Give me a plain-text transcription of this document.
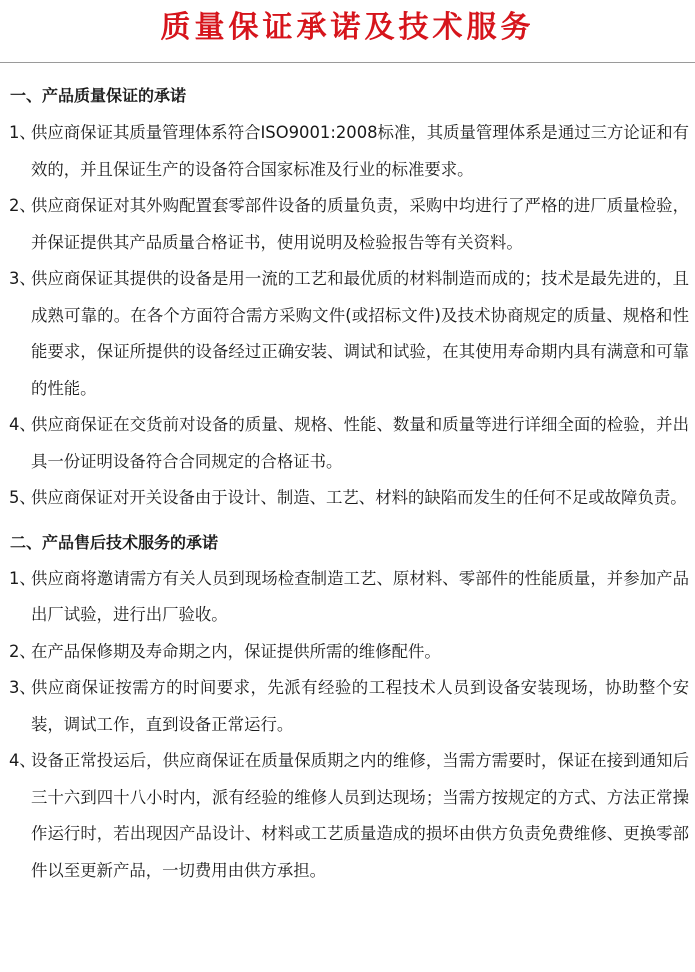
质量保证承诺及技术服务

一、产品质量保证的承诺

1、
供应商保证其质量管理体系符合ISO9001:2008标准，其质量管理体系是通过三方论证和有效的，并且保证生产的设备符合国家标准及行业的标准要求。
2、
供应商保证对其外购配置套零部件设备的质量负责，采购中均进行了严格的进厂质量检验，并保证提供其产品质量合格证书，使用说明及检验报告等有关资料。
3、
供应商保证其提供的设备是用一流的工艺和最优质的材料制造而成的；技术是最先进的，且成熟可靠的。在各个方面符合需方采购文件(或招标文件)及技术协商规定的质量、规格和性能要求，保证所提供的设备经过正确安装、调试和试验，在其使用寿命期内具有满意和可靠的性能。
4、
供应商保证在交货前对设备的质量、规格、性能、数量和质量等进行详细全面的检验，并出具一份证明设备符合合同规定的合格证书。
5、
供应商保证对开关设备由于设计、制造、工艺、材料的缺陷而发生的任何不足或故障负责。

二、产品售后技术服务的承诺

1、
供应商将邀请需方有关人员到现场检查制造工艺、原材料、零部件的性能质量，并参加产品出厂试验，进行出厂验收。
2、
在产品保修期及寿命期之内，保证提供所需的维修配件。
3、
供应商保证按需方的时间要求，先派有经验的工程技术人员到设备安装现场，协助整个安装，调试工作，直到设备正常运行。
4、
设备正常投运后，供应商保证在质量保质期之内的维修，当需方需要时，保证在接到通知后三十六到四十八小时内，派有经验的维修人员到达现场；当需方按规定的方式、方法正常操作运行时，若出现因产品设计、材料或工艺质量造成的损坏由供方负责免费维修、更换零部件以至更新产品，一切费用由供方承担。
